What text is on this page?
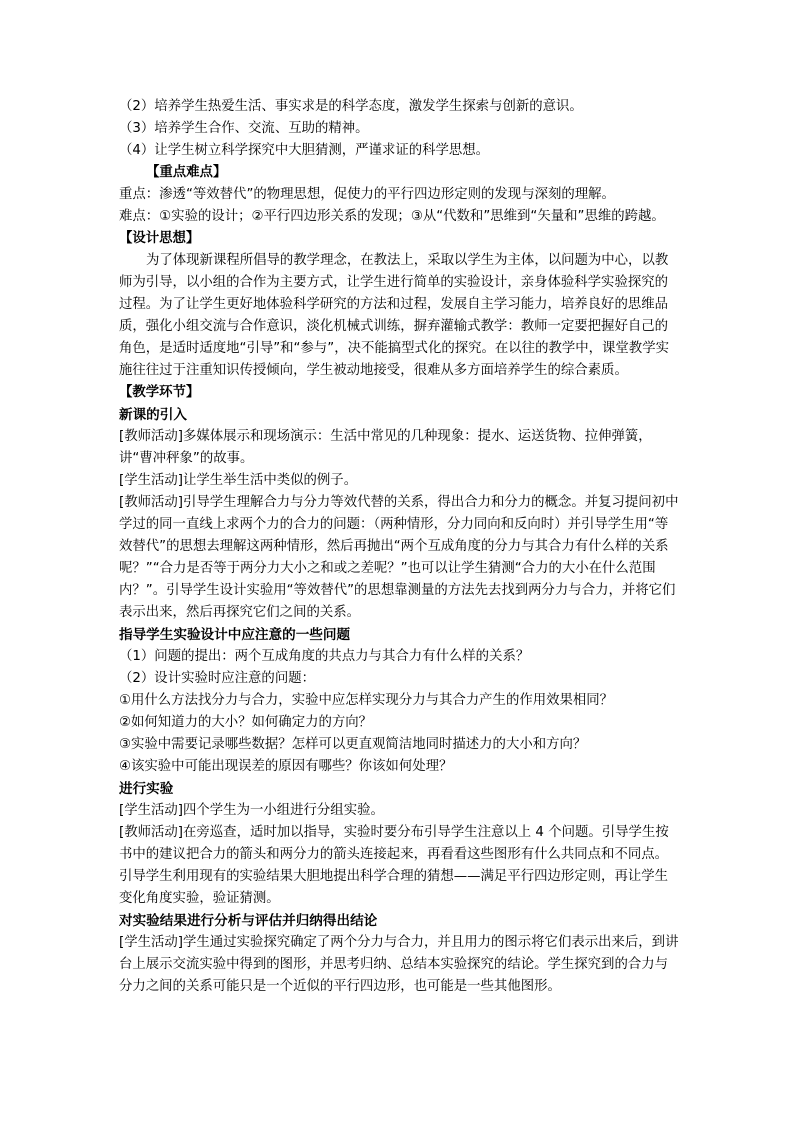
（2）培养学生热爱生活、事实求是的科学态度，激发学生探索与创新的意识。

（3）培养学生合作、交流、互助的精神。

（4）让学生树立科学探究中大胆猜测，严谨求证的科学思想。

【重点难点】

重点：渗透“等效替代”的物理思想，促使力的平行四边形定则的发现与深刻的理解。

难点：①实验的设计；②平行四边形关系的发现；③从“代数和”思维到“矢量和”思维的跨越。

【设计思想】

为了体现新课程所倡导的教学理念，在教法上，采取以学生为主体，以问题为中心，以教师为引导，以小组的合作为主要方式，让学生进行简单的实验设计，亲身体验科学实验探究的过程。为了让学生更好地体验科学研究的方法和过程，发展自主学习能力，培养良好的思维品质，强化小组交流与合作意识，淡化机械式训练，摒弃灌输式教学：教师一定要把握好自己的角色，是适时适度地“引导”和“参与”，决不能搞型式化的探究。在以往的教学中，课堂教学实施往往过于注重知识传授倾向，学生被动地接受，很难从多方面培养学生的综合素质。

【教学环节】

新课的引入

[教师活动]多媒体展示和现场演示：生活中常见的几种现象：提水、运送货物、拉伸弹簧，讲“曹冲秤象”的故事。

[学生活动]让学生举生活中类似的例子。

[教师活动]引导学生理解合力与分力等效代替的关系，得出合力和分力的概念。并复习提问初中学过的同一直线上求两个力的合力的问题：（两种情形，分力同向和反向时）并引导学生用“等效替代”的思想去理解这两种情形，然后再抛出“两个互成角度的分力与其合力有什么样的关系呢？”“合力是否等于两分力大小之和或之差呢？”也可以让学生猜测“合力的大小在什么范围内？”。引导学生设计实验用“等效替代”的思想靠测量的方法先去找到两分力与合力，并将它们表示出来，然后再探究它们之间的关系。

指导学生实验设计中应注意的一些问题

（1）问题的提出：两个互成角度的共点力与其合力有什么样的关系？

（2）设计实验时应注意的问题：

①用什么方法找分力与合力，实验中应怎样实现分力与其合力产生的作用效果相同？

②如何知道力的大小？如何确定力的方向？

③实验中需要记录哪些数据？怎样可以更直观简洁地同时描述力的大小和方向？

④该实验中可能出现误差的原因有哪些？你该如何处理？

进行实验

[学生活动]四个学生为一小组进行分组实验。

[教师活动]在旁巡查，适时加以指导，实验时要分布引导学生注意以上 4 个问题。引导学生按书中的建议把合力的箭头和两分力的箭头连接起来，再看看这些图形有什么共同点和不同点。引导学生利用现有的实验结果大胆地提出科学合理的猜想——满足平行四边形定则，再让学生变化角度实验，验证猜测。

对实验结果进行分析与评估并归纳得出结论

[学生活动]学生通过实验探究确定了两个分力与合力，并且用力的图示将它们表示出来后，到讲台上展示交流实验中得到的图形，并思考归纳、总结本实验探究的结论。学生探究到的合力与分力之间的关系可能只是一个近似的平行四边形，也可能是一些其他图形。
